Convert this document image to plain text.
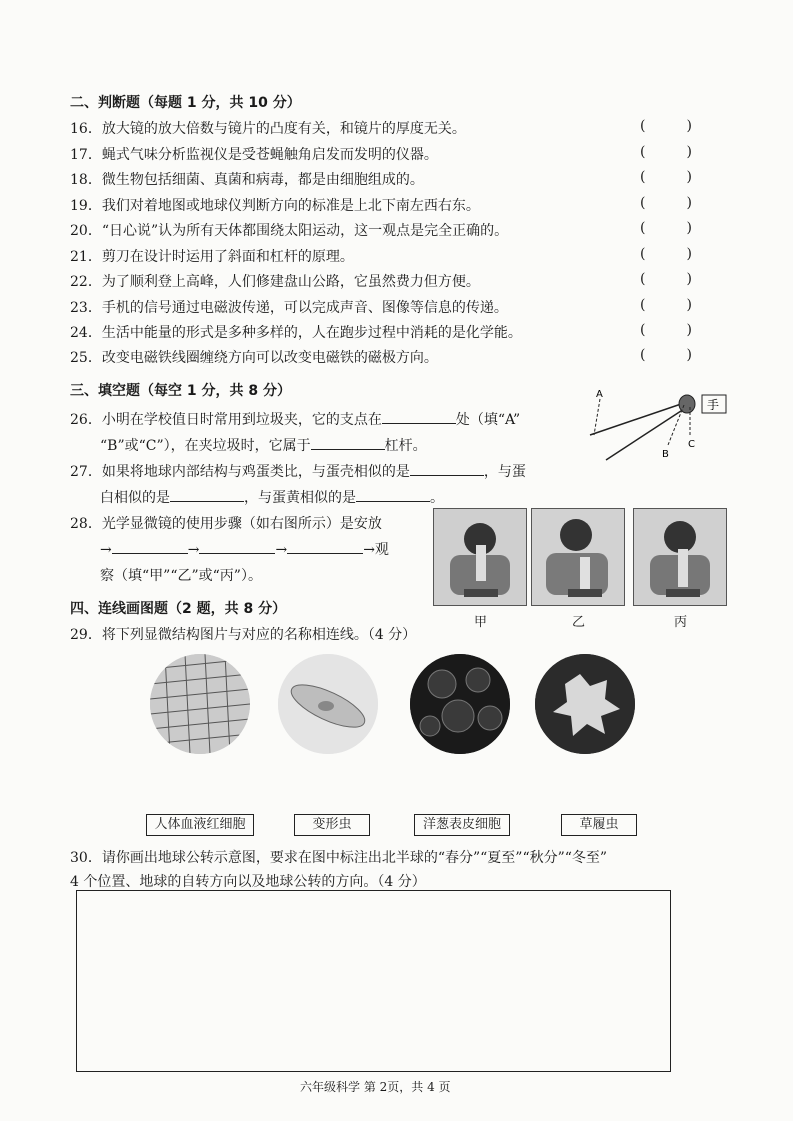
二、判断题（每题 1 分，共 10 分）
16．放大镜的放大倍数与镜片的凸度有关，和镜片的厚度无关。	(	)
17．蝇式气味分析监视仪是受苍蝇触角启发而发明的仪器。	(	)
18．微生物包括细菌、真菌和病毒，都是由细胞组成的。	(	)
19．我们对着地图或地球仪判断方向的标准是上北下南左西右东。	(	)
20．“日心说”认为所有天体都围绕太阳运动，这一观点是完全正确的。	(	)
21．剪刀在设计时运用了斜面和杠杆的原理。	(	)
22．为了顺利登上高峰，人们修建盘山公路，它虽然费力但方便。	(	)
23．手机的信号通过电磁波传递，可以完成声音、图像等信息的传递。	(	)
24．生活中能量的形式是多种多样的，人在跑步过程中消耗的是化学能。	(	)
25．改变电磁铁线圈缠绕方向可以改变电磁铁的磁极方向。	(	)
三、填空题（每空 1 分，共 8 分）
26．小明在学校值日时常用到垃圾夹，它的支点在	处（填“A”
“B”或“C”），在夹垃圾时，它属于	杠杆。
A
B
C
手
27．如果将地球内部结构与鸡蛋类比，与蛋壳相似的是	，与蛋
白相似的是	，与蛋黄相似的是	。
28．光学显微镜的使用步骤（如右图所示）是安放
→	→	→	→观
察（填“甲”“乙”或“丙”）。
甲	乙	丙
四、连线画图题（2 题，共 8 分）
29．将下列显微结构图片与对应的名称相连线。（4 分）
人体血液红细胞	变形虫	洋葱表皮细胞	草履虫
30．请你画出地球公转示意图，要求在图中标注出北半球的“春分”“夏至”“秋分”“冬至”
4 个位置、地球的自转方向以及地球公转的方向。（4 分）
六年级科学 第 2页，共 4 页
